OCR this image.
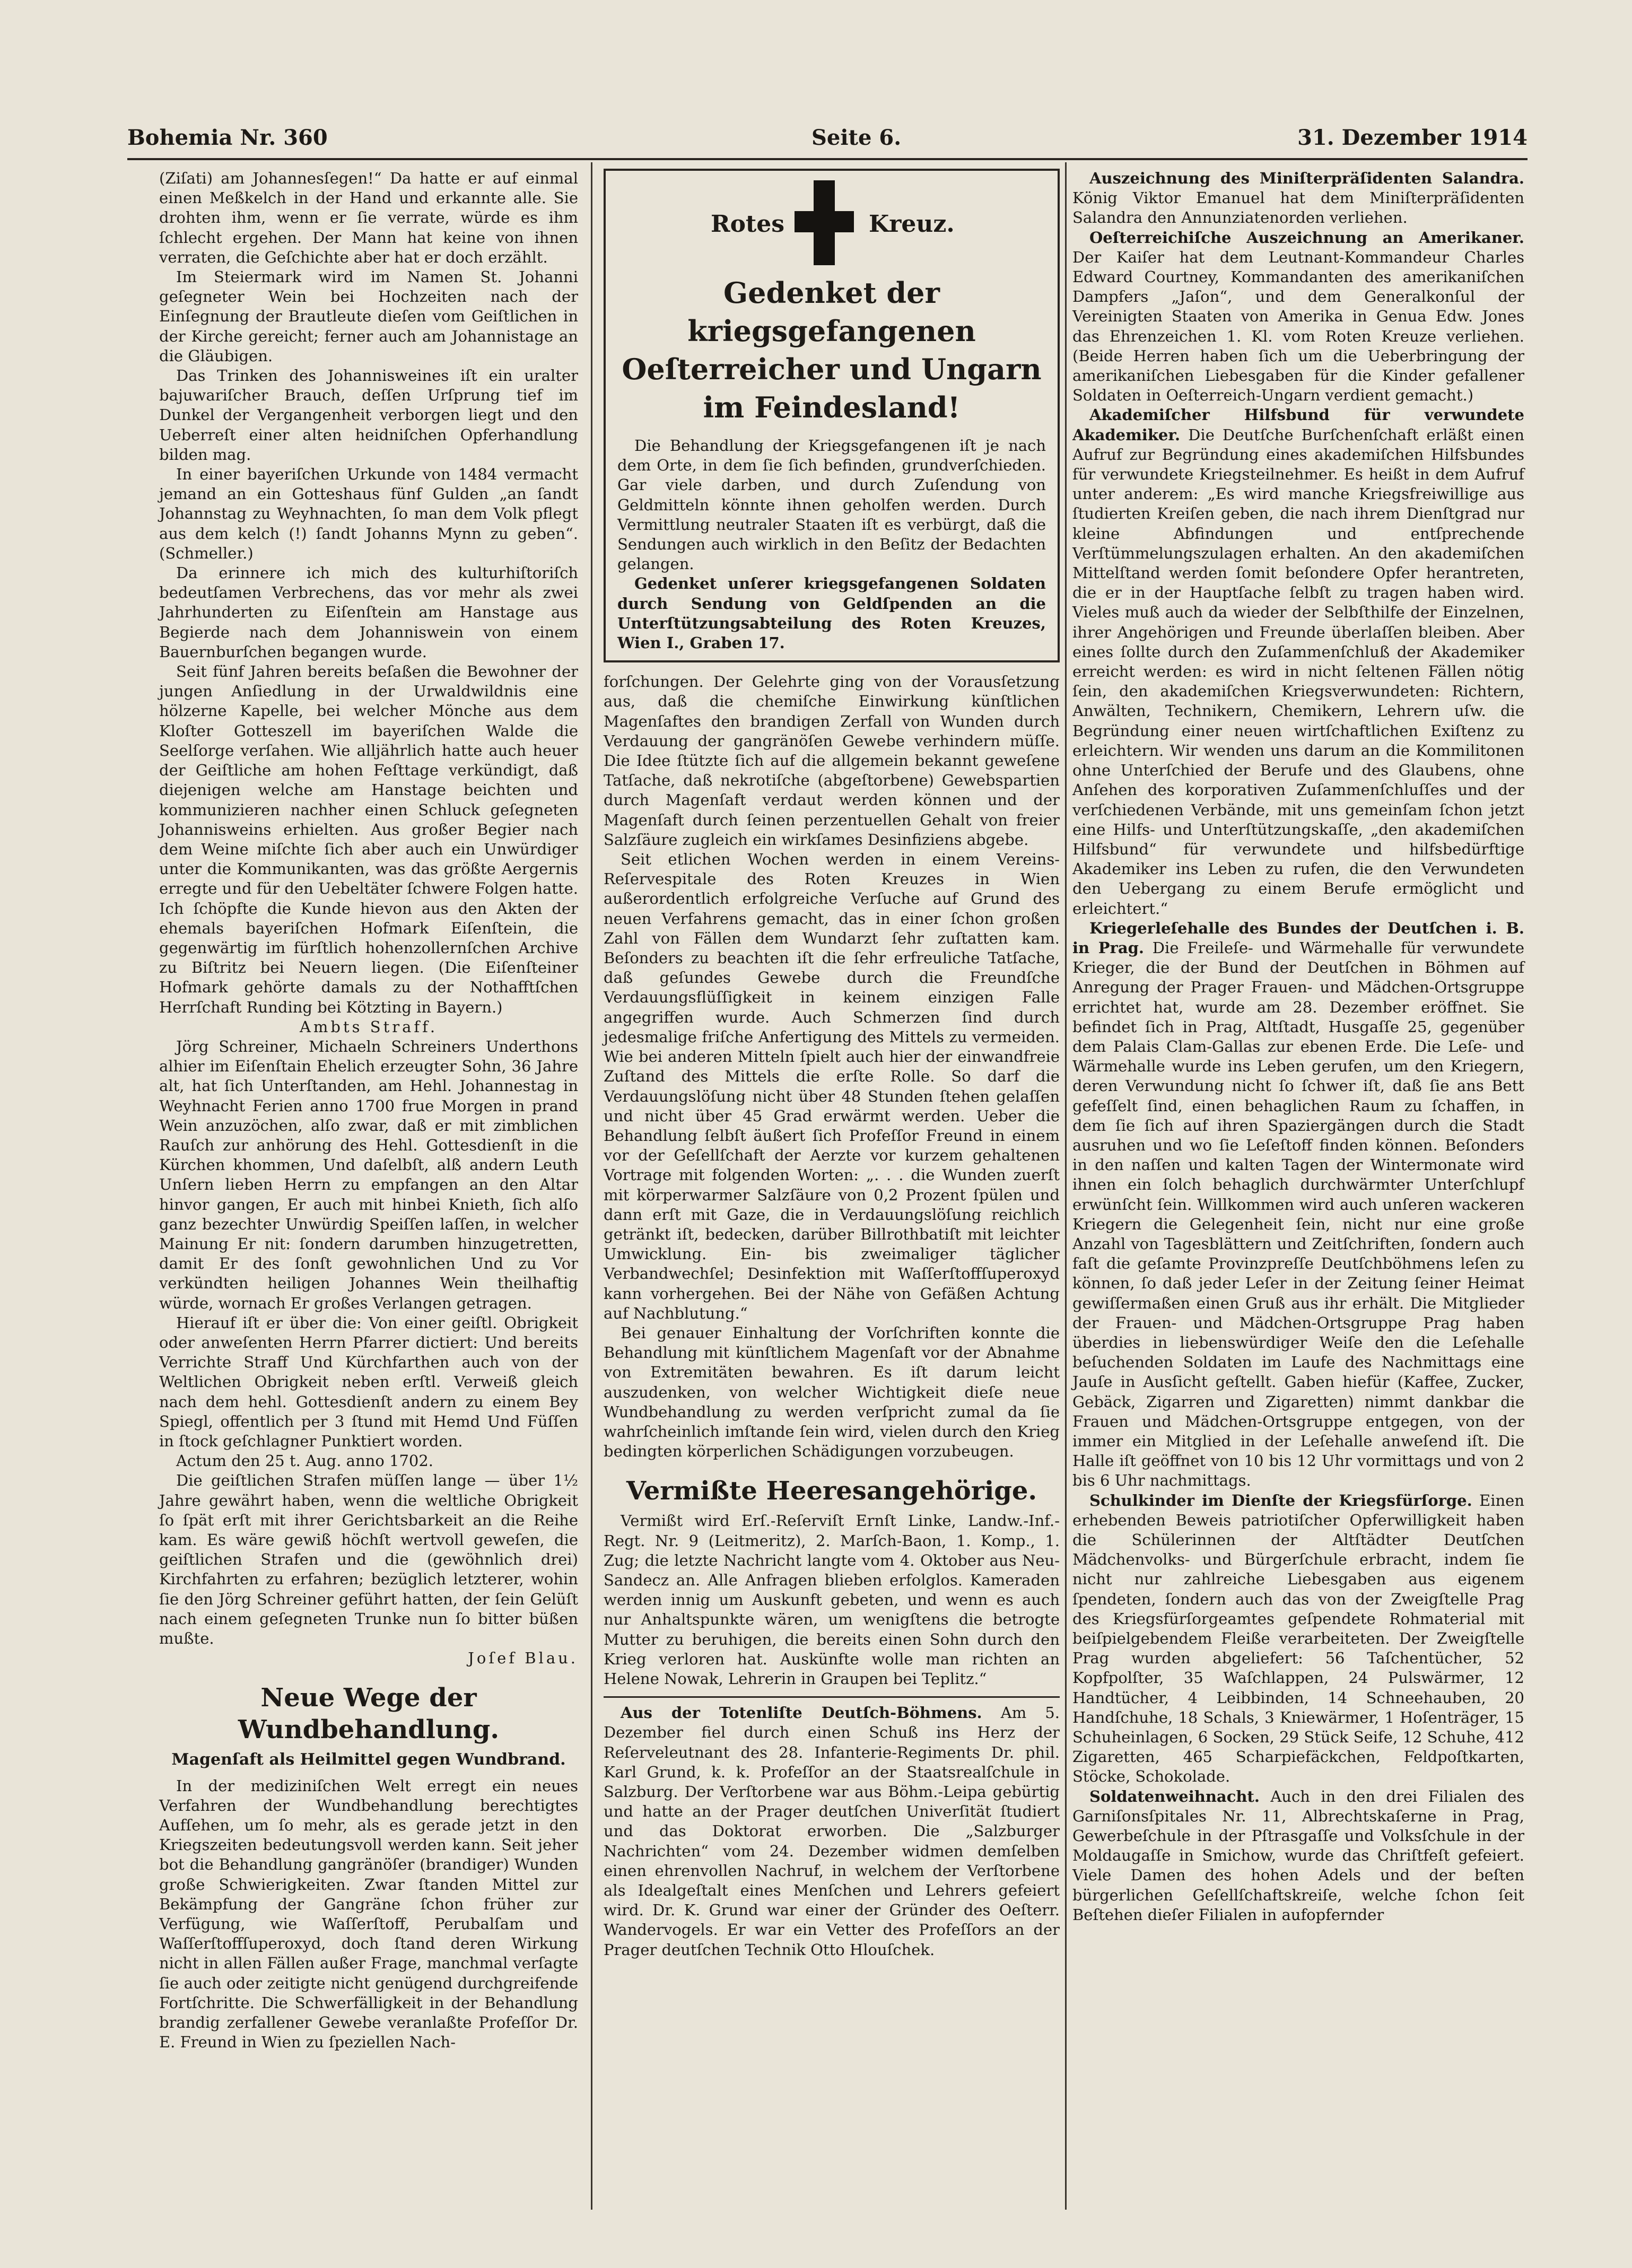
Bohemia Nr. 360	Seite 6.	31. Dezember 1914

(Ziſati) am Johannesſegen!“ Da hatte er auf einmal einen Meßkelch in der Hand und erkannte alle. Sie drohten ihm, wenn er ſie verrate, würde es ihm ſchlecht ergehen. Der Mann hat keine von ihnen verraten, die Geſchichte aber hat er doch erzählt.

Im Steiermark wird im Namen St. Johanni geſegneter Wein bei Hochzeiten nach der Einſegnung der Brautleute dieſen vom Geiſtlichen in der Kirche gereicht; ferner auch am Johannistage an die Gläubigen.

Das Trinken des Johannisweines iſt ein uralter bajuwariſcher Brauch, deſſen Urſprung tief im Dunkel der Vergangenheit verborgen liegt und den Ueberreſt einer alten heidniſchen Opferhandlung bilden mag.

In einer bayeriſchen Urkunde von 1484 vermacht jemand an ein Gotteshaus fünf Gulden „an ſandt Johannstag zu Weyhnachten, ſo man dem Volk pflegt aus dem kelch (!) ſandt Johanns Mynn zu geben“. (Schmeller.)

Da erinnere ich mich des kulturhiſtoriſch bedeutſamen Verbrechens, das vor mehr als zwei Jahrhunderten zu Eiſenſtein am Hanstage aus Begierde nach dem Johanniswein von einem Bauernburſchen begangen wurde.

Seit fünf Jahren bereits beſaßen die Bewohner der jungen Anſiedlung in der Urwaldwildnis eine hölzerne Kapelle, bei welcher Mönche aus dem Kloſter Gotteszell im bayeriſchen Walde die Seelſorge verſahen. Wie alljährlich hatte auch heuer der Geiſtliche am hohen Feſttage verkündigt, daß diejenigen welche am Hanstage beichten und kommunizieren nachher einen Schluck geſegneten Johannisweins erhielten. Aus großer Begier nach dem Weine miſchte ſich aber auch ein Unwürdiger unter die Kommunikanten, was das größte Aergernis erregte und für den Uebeltäter ſchwere Folgen hatte. Ich ſchöpfte die Kunde hievon aus den Akten der ehemals bayeriſchen Hofmark Eiſenſtein, die gegenwärtig im fürſtlich hohenzollernſchen Archive zu Biſtritz bei Neuern liegen. (Die Eiſenſteiner Hofmark gehörte damals zu der Nothafftſchen Herrſchaft Runding bei Kötzting in Bayern.)

Ambts Straff.

Jörg Schreiner, Michaeln Schreiners Underthons alhier im Eiſenſtain Ehelich erzeugter Sohn, 36 Jahre alt, hat ſich Unterſtanden, am Hehl. Johannestag in Weyhnacht Ferien anno 1700 frue Morgen in prand Wein anzuzöchen, alſo zwar, daß er mit zimblichen Rauſch zur anhörung des Hehl. Gottesdienſt in die Kürchen khommen, Und daſelbſt, alß andern Leuth Unſern lieben Herrn zu empfangen an den Altar hinvor gangen, Er auch mit hinbei Knieth, ſich alſo ganz bezechter Unwürdig Speiſſen laſſen, in welcher Mainung Er nit: ſondern darumben hinzugetretten, damit Er des ſonſt gewohnlichen Und zu Vor verkündten heiligen Johannes Wein theilhaftig würde, wornach Er großes Verlangen getragen.

Hierauf iſt er über die: Von einer geiſtl. Obrigkeit oder anweſenten Herrn Pfarrer dictiert: Und bereits Verrichte Straff Und Kürchfarthen auch von der Weltlichen Obrigkeit neben erſtl. Verweiß gleich nach dem hehl. Gottesdienſt andern zu einem Bey Spiegl, offentlich per 3 ſtund mit Hemd Und Füſſen in ſtock geſchlagner Punktiert worden.

Actum den 25 t. Aug. anno 1702.

Die geiſtlichen Strafen müſſen lange — über 1½ Jahre gewährt haben, wenn die weltliche Obrigkeit ſo ſpät erſt mit ihrer Gerichtsbarkeit an die Reihe kam. Es wäre gewiß höchſt wertvoll geweſen, die geiſtlichen Strafen und die (gewöhnlich drei) Kirchfahrten zu erfahren; bezüglich letzterer, wohin ſie den Jörg Schreiner geführt hatten, der ſein Gelüſt nach einem geſegneten Trunke nun ſo bitter büßen mußte.

Joſef Blau.

Neue Wege der Wundbehandlung.
Magenſaft als Heilmittel gegen Wundbrand.

In der mediziniſchen Welt erregt ein neues Verfahren der Wundbehandlung berechtigtes Aufſehen, um ſo mehr, als es gerade jetzt in den Kriegszeiten bedeutungsvoll werden kann. Seit jeher bot die Behandlung gangränöſer (brandiger) Wunden große Schwierigkeiten. Zwar ſtanden Mittel zur Bekämpfung der Gangräne ſchon früher zur Verfügung, wie Waſſerſtoff, Perubalſam und Waſſerſtoffſuperoxyd, doch ſtand deren Wirkung nicht in allen Fällen außer Frage, manchmal verſagte ſie auch oder zeitigte nicht genügend durchgreifende Fortſchritte. Die Schwerfälligkeit in der Behandlung brandig zerfallener Gewebe veranlaßte Profeſſor Dr. E. Freund in Wien zu ſpeziellen Nach-

Rotes	Kreuz.
Gedenket der kriegsgefangenen Oeſterreicher und Ungarn im Feindesland!

Die Behandlung der Kriegsgefangenen iſt je nach dem Orte, in dem ſie ſich befinden, grundverſchieden. Gar viele darben, und durch Zuſendung von Geldmitteln könnte ihnen geholfen werden. Durch Vermittlung neutraler Staaten iſt es verbürgt, daß die Sendungen auch wirklich in den Beſitz der Bedachten gelangen.

Gedenket unſerer kriegsgefangenen Soldaten durch Sendung von Geldſpenden an die Unterſtützungsabteilung des Roten Kreuzes, Wien I., Graben 17.

forſchungen. Der Gelehrte ging von der Vorausſetzung aus, daß die chemiſche Einwirkung künſtlichen Magenſaftes den brandigen Zerfall von Wunden durch Verdauung der gangränöſen Gewebe verhindern müſſe. Die Idee ſtützte ſich auf die allgemein bekannt geweſene Tatſache, daß nekrotiſche (abgeſtorbene) Gewebspartien durch Magenſaft verdaut werden können und der Magenſaft durch ſeinen perzentuellen Gehalt von freier Salzſäure zugleich ein wirkſames Desinfiziens abgebe.

Seit etlichen Wochen werden in einem Vereins-Reſervespitale des Roten Kreuzes in Wien außerordentlich erfolgreiche Verſuche auf Grund des neuen Verfahrens gemacht, das in einer ſchon großen Zahl von Fällen dem Wundarzt ſehr zuſtatten kam. Beſonders zu beachten iſt die ſehr erfreuliche Tatſache, daß geſundes Gewebe durch die Freundſche Verdauungsflüſſigkeit in keinem einzigen Falle angegriffen wurde. Auch Schmerzen ſind durch jedesmalige friſche Anfertigung des Mittels zu vermeiden. Wie bei anderen Mitteln ſpielt auch hier der einwandfreie Zuſtand des Mittels die erſte Rolle. So darf die Verdauungslöſung nicht über 48 Stunden ſtehen gelaſſen und nicht über 45 Grad erwärmt werden. Ueber die Behandlung ſelbſt äußert ſich Profeſſor Freund in einem vor der Geſellſchaft der Aerzte vor kurzem gehaltenen Vortrage mit folgenden Worten: „. . . die Wunden zuerſt mit körperwarmer Salzſäure von 0,2 Prozent ſpülen und dann erſt mit Gaze, die in Verdauungslöſung reichlich getränkt iſt, bedecken, darüber Billrothbatiſt mit leichter Umwicklung. Ein- bis zweimaliger täglicher Verbandwechſel; Desinfektion mit Waſſerſtoffſuperoxyd kann vorhergehen. Bei der Nähe von Gefäßen Achtung auf Nachblutung.“

Bei genauer Einhaltung der Vorſchriften konnte die Behandlung mit künſtlichem Magenſaft vor der Abnahme von Extremitäten bewahren. Es iſt darum leicht auszudenken, von welcher Wichtigkeit dieſe neue Wundbehandlung zu werden verſpricht zumal da ſie wahrſcheinlich imſtande ſein wird, vielen durch den Krieg bedingten körperlichen Schädigungen vorzubeugen.

Vermißte Heeresangehörige.

Vermißt wird Erſ.-Reſerviſt Ernſt Linke, Landw.-Inf.-Regt. Nr. 9 (Leitmeritz), 2. Marſch-Baon, 1. Komp., 1. Zug; die letzte Nachricht langte vom 4. Oktober aus Neu-Sandecz an. Alle Anfragen blieben erfolglos. Kameraden werden innig um Auskunft gebeten, und wenn es auch nur Anhaltspunkte wären, um wenigſtens die betrogte Mutter zu beruhigen, die bereits einen Sohn durch den Krieg verloren hat. Auskünfte wolle man richten an Helene Nowak, Lehrerin in Graupen bei Teplitz.“

Aus der Totenliſte Deutſch-Böhmens. Am 5. Dezember fiel durch einen Schuß ins Herz der Reſerveleutnant des 28. Infanterie-Regiments Dr. phil. Karl Grund, k. k. Profeſſor an der Staatsrealſchule in Salzburg. Der Verſtorbene war aus Böhm.-Leipa gebürtig und hatte an der Prager deutſchen Univerſität ſtudiert und das Doktorat erworben. Die „Salzburger Nachrichten“ vom 24. Dezember widmen demſelben einen ehrenvollen Nachruf, in welchem der Verſtorbene als Idealgeſtalt eines Menſchen und Lehrers gefeiert wird. Dr. K. Grund war einer der Gründer des Oeſterr. Wandervogels. Er war ein Vetter des Profeſſors an der Prager deutſchen Technik Otto Hlouſchek.

Auszeichnung des Miniſterpräſidenten Salandra. König Viktor Emanuel hat dem Miniſterpräſidenten Salandra den Annunziatenorden verliehen.

Oeſterreichiſche Auszeichnung an Amerikaner. Der Kaiſer hat dem Leutnant-Kommandeur Charles Edward Courtney, Kommandanten des amerikaniſchen Dampfers „Jaſon“, und dem Generalkonſul der Vereinigten Staaten von Amerika in Genua Edw. Jones das Ehrenzeichen 1. Kl. vom Roten Kreuze verliehen. (Beide Herren haben ſich um die Ueberbringung der amerikaniſchen Liebesgaben für die Kinder gefallener Soldaten in Oeſterreich-Ungarn verdient gemacht.)

Akademiſcher Hilfsbund für verwundete Akademiker. Die Deutſche Burſchenſchaft erläßt einen Aufruf zur Begründung eines akademiſchen Hilfsbundes für verwundete Kriegsteilnehmer. Es heißt in dem Aufruf unter anderem: „Es wird manche Kriegsfreiwillige aus ſtudierten Kreiſen geben, die nach ihrem Dienſtgrad nur kleine Abfindungen und entſprechende Verſtümmelungszulagen erhalten. An den akademiſchen Mittelſtand werden ſomit beſondere Opfer herantreten, die er in der Hauptſache ſelbſt zu tragen haben wird. Vieles muß auch da wieder der Selbſthilfe der Einzelnen, ihrer Angehörigen und Freunde überlaſſen bleiben. Aber eines ſollte durch den Zuſammenſchluß der Akademiker erreicht werden: es wird in nicht ſeltenen Fällen nötig ſein, den akademiſchen Kriegsverwundeten: Richtern, Anwälten, Technikern, Chemikern, Lehrern uſw. die Begründung einer neuen wirtſchaftlichen Exiſtenz zu erleichtern. Wir wenden uns darum an die Kommilitonen ohne Unterſchied der Berufe und des Glaubens, ohne Anſehen des korporativen Zuſammenſchluſſes und der verſchiedenen Verbände, mit uns gemeinſam ſchon jetzt eine Hilfs- und Unterſtützungskaſſe, „den akademiſchen Hilfsbund“ für verwundete und hilfsbedürftige Akademiker ins Leben zu rufen, die den Verwundeten den Uebergang zu einem Berufe ermöglicht und erleichtert.“

Kriegerleſehalle des Bundes der Deutſchen i. B. in Prag. Die Freileſe- und Wärmehalle für verwundete Krieger, die der Bund der Deutſchen in Böhmen auf Anregung der Prager Frauen- und Mädchen-Ortsgruppe errichtet hat, wurde am 28. Dezember eröffnet. Sie befindet ſich in Prag, Altſtadt, Husgaſſe 25, gegenüber dem Palais Clam-Gallas zur ebenen Erde. Die Leſe- und Wärmehalle wurde ins Leben gerufen, um den Kriegern, deren Verwundung nicht ſo ſchwer iſt, daß ſie ans Bett gefeſſelt ſind, einen behaglichen Raum zu ſchaffen, in dem ſie ſich auf ihren Spaziergängen durch die Stadt ausruhen und wo ſie Leſeſtoff finden können. Beſonders in den naſſen und kalten Tagen der Wintermonate wird ihnen ein ſolch behaglich durchwärmter Unterſchlupf erwünſcht ſein. Willkommen wird auch unſeren wackeren Kriegern die Gelegenheit ſein, nicht nur eine große Anzahl von Tagesblättern und Zeitſchriften, ſondern auch faſt die geſamte Provinzpreſſe Deutſchböhmens leſen zu können, ſo daß jeder Leſer in der Zeitung ſeiner Heimat gewiſſermaßen einen Gruß aus ihr erhält. Die Mitglieder der Frauen- und Mädchen-Ortsgruppe Prag haben überdies in liebenswürdiger Weiſe den die Leſehalle beſuchenden Soldaten im Laufe des Nachmittags eine Jauſe in Ausſicht geſtellt. Gaben hiefür (Kaffee, Zucker, Gebäck, Zigarren und Zigaretten) nimmt dankbar die Frauen und Mädchen-Ortsgruppe entgegen, von der immer ein Mitglied in der Leſehalle anweſend iſt. Die Halle iſt geöffnet von 10 bis 12 Uhr vormittags und von 2 bis 6 Uhr nachmittags.

Schulkinder im Dienſte der Kriegsfürſorge. Einen erhebenden Beweis patriotiſcher Opferwilligkeit haben die Schülerinnen der Altſtädter Deutſchen Mädchenvolks- und Bürgerſchule erbracht, indem ſie nicht nur zahlreiche Liebesgaben aus eigenem ſpendeten, ſondern auch das von der Zweigſtelle Prag des Kriegsfürſorgeamtes geſpendete Rohmaterial mit beiſpielgebendem Fleiße verarbeiteten. Der Zweigſtelle Prag wurden abgeliefert: 56 Taſchentücher, 52 Kopfpolſter, 35 Waſchlappen, 24 Pulswärmer, 12 Handtücher, 4 Leibbinden, 14 Schneehauben, 20 Handſchuhe, 18 Schals, 3 Kniewärmer, 1 Hoſenträger, 15 Schuheinlagen, 6 Socken, 29 Stück Seife, 12 Schuhe, 412 Zigaretten, 465 Scharpiefäckchen, Feldpoſtkarten, Stöcke, Schokolade.

Soldatenweihnacht. Auch in den drei Filialen des Garniſonsſpitales Nr. 11, Albrechtskaſerne in Prag, Gewerbeſchule in der Pſtrasgaſſe und Volksſchule in der Moldaugaſſe in Smichow, wurde das Chriſtfeſt gefeiert. Viele Damen des hohen Adels und der beſten bürgerlichen Geſellſchaftskreiſe, welche ſchon ſeit Beſtehen dieſer Filialen in aufopfernder
